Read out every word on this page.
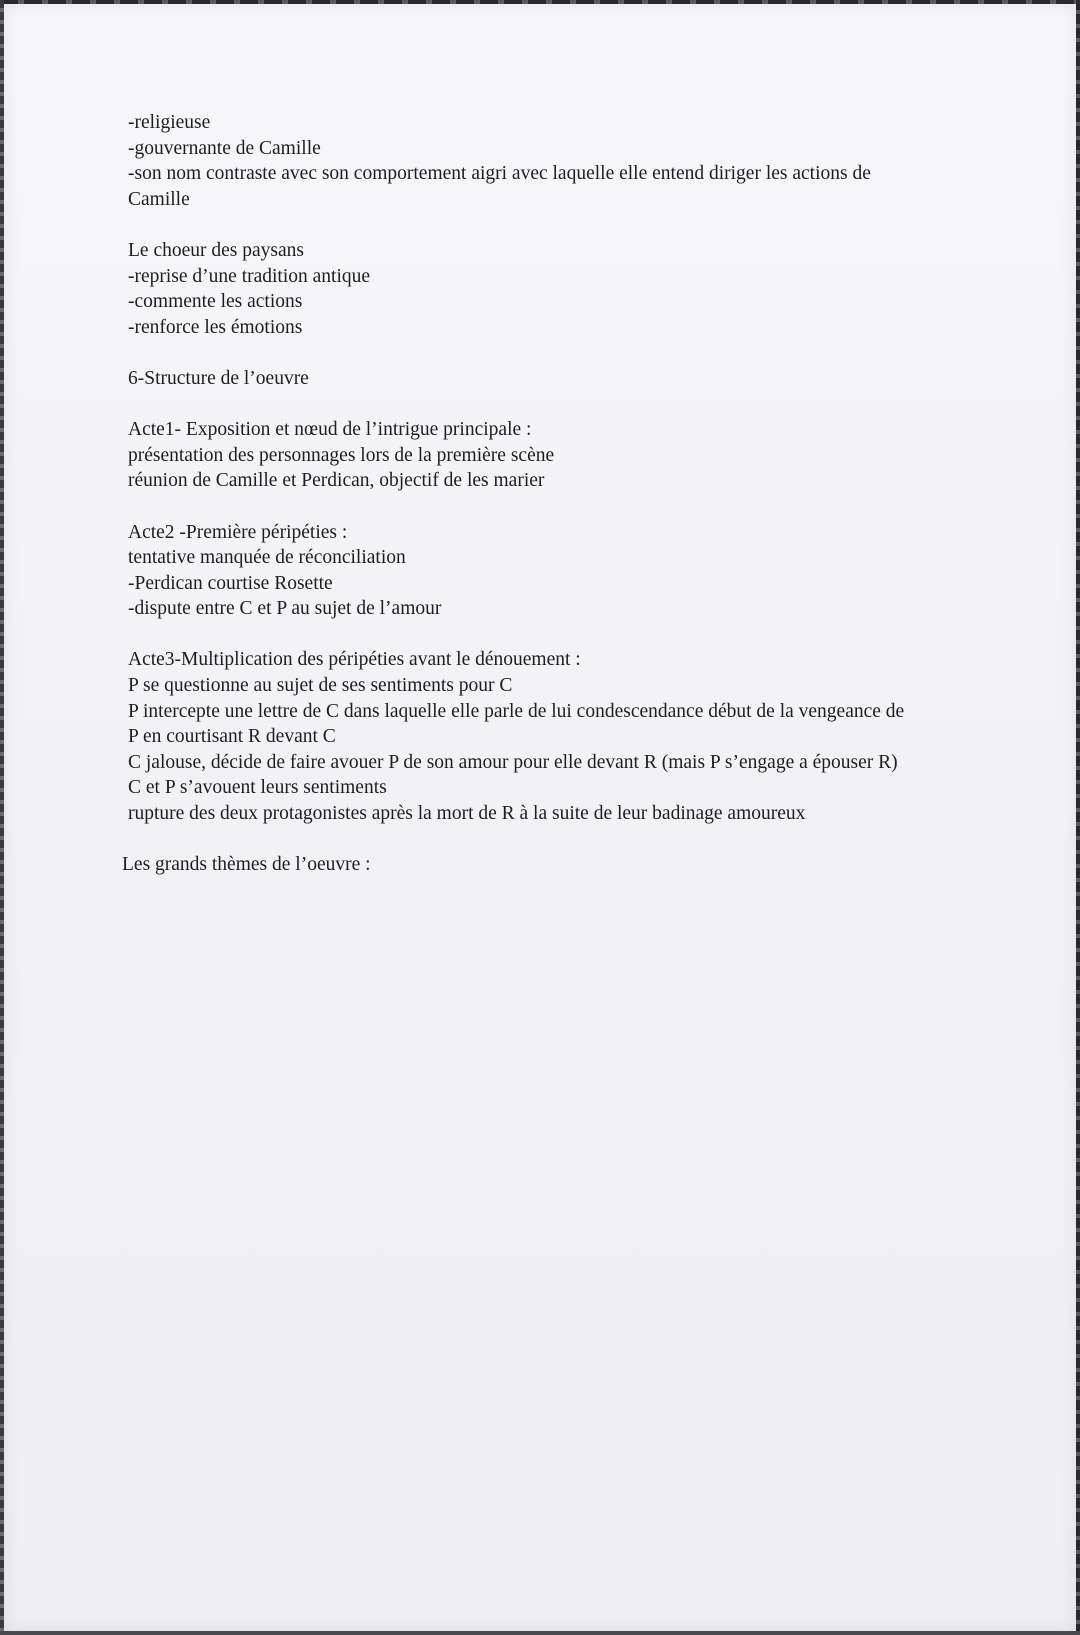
-religieuse
-gouvernante de Camille
-son nom contraste avec son comportement aigri avec laquelle elle entend diriger les actions de
Camille
Le choeur des paysans
-reprise d’une tradition antique
-commente les actions
-renforce les émotions
6-Structure de l’oeuvre
Acte1- Exposition et nœud de l’intrigue principale :
présentation des personnages lors de la première scène
réunion de Camille et Perdican, objectif de les marier
Acte2 -Première péripéties :
tentative manquée de réconciliation
-Perdican courtise Rosette
-dispute entre C et P au sujet de l’amour
Acte3-Multiplication des péripéties avant le dénouement :
P se questionne au sujet de ses sentiments pour C
P intercepte une lettre de C dans laquelle elle parle de lui condescendance début de la vengeance de
P en courtisant R devant C
C jalouse, décide de faire avouer P de son amour pour elle devant R (mais P s’engage a épouser R)
C et P s’avouent leurs sentiments
rupture des deux protagonistes après la mort de R à la suite de leur badinage amoureux
Les grands thèmes de l’oeuvre :
